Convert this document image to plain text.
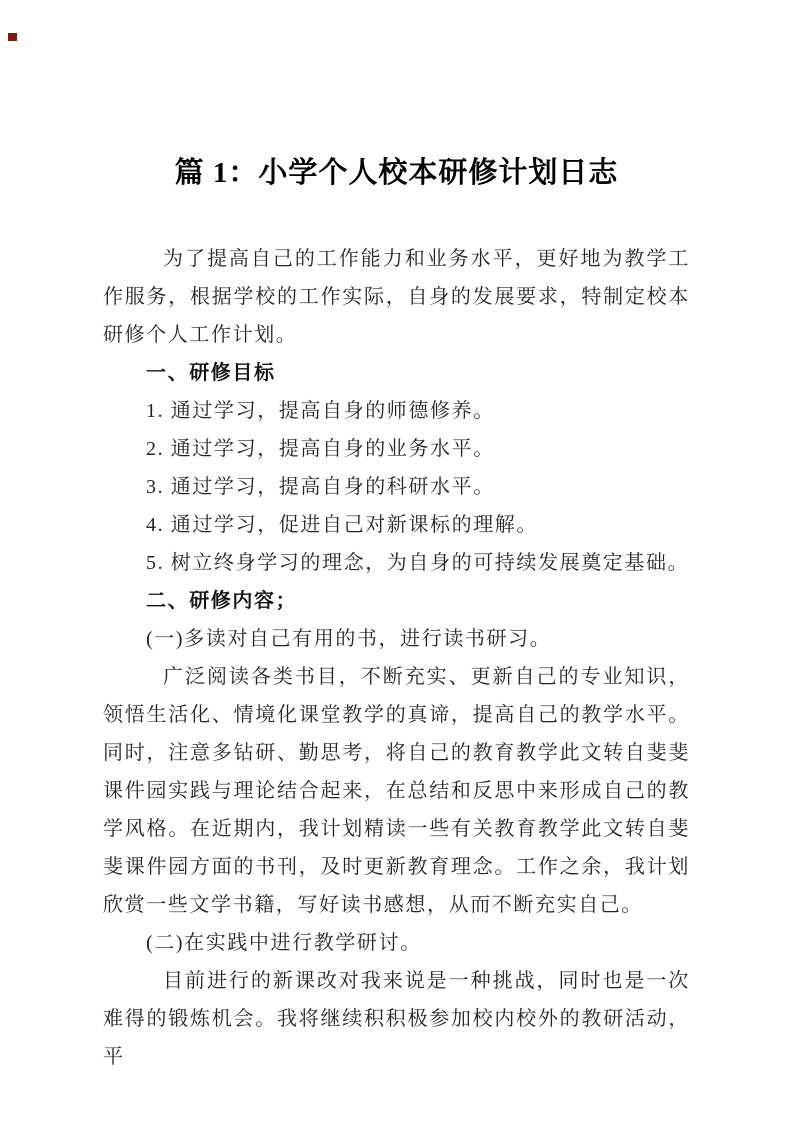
篇 1：小学个人校本研修计划日志

为了提高自己的工作能力和业务水平，更好地为教学工作服务，根据学校的工作实际，自身的发展要求，特制定校本研修个人工作计划。

一、研修目标

1. 通过学习，提高自身的师德修养。

2. 通过学习，提高自身的业务水平。

3. 通过学习，提高自身的科研水平。

4. 通过学习，促进自己对新课标的理解。

5. 树立终身学习的理念，为自身的可持续发展奠定基础。

二、研修内容；

(一)多读对自己有用的书，进行读书研习。

广泛阅读各类书目，不断充实、更新自己的专业知识，领悟生活化、情境化课堂教学的真谛，提高自己的教学水平。同时，注意多钻研、勤思考，将自己的教育教学此文转自斐斐课件园实践与理论结合起来，在总结和反思中来形成自己的教学风格。在近期内，我计划精读一些有关教育教学此文转自斐斐课件园方面的书刊，及时更新教育理念。工作之余，我计划欣赏一些文学书籍，写好读书感想，从而不断充实自己。

(二)在实践中进行教学研讨。

目前进行的新课改对我来说是一种挑战，同时也是一次难得的锻炼机会。我将继续积积极参加校内校外的教研活动，平
